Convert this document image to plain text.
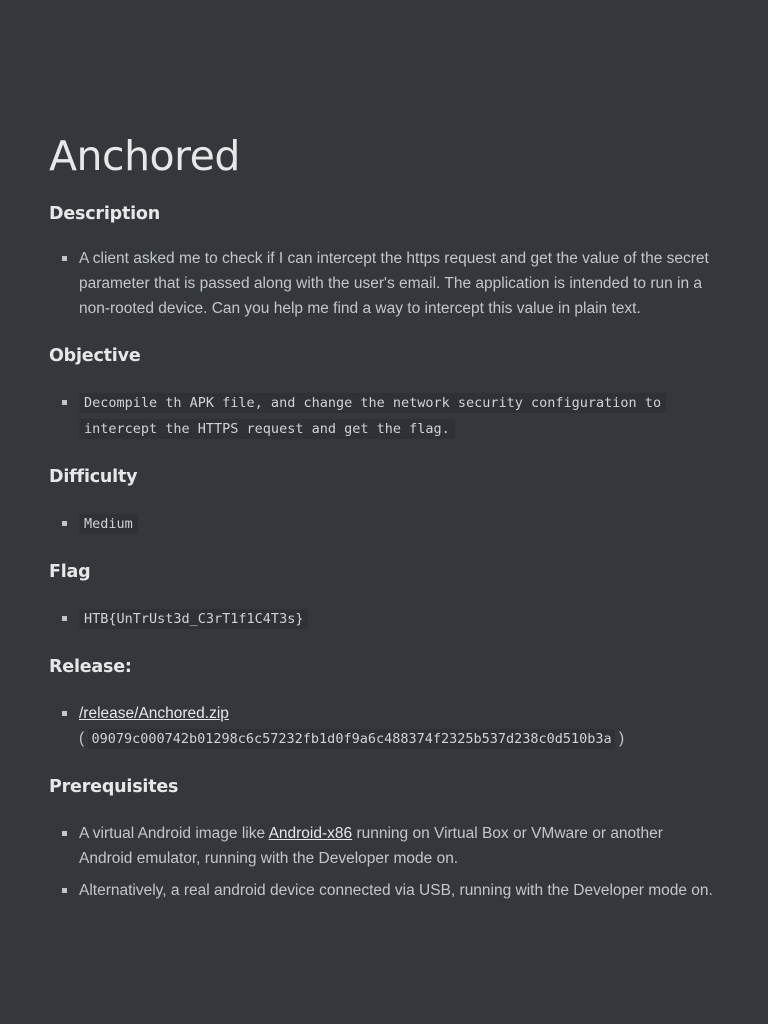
Anchored
Description
A client asked me to check if I can intercept the https request and get the value of the secret parameter that is passed along with the user's email. The application is intended to run in a non-rooted device. Can you help me find a way to intercept this value in plain text.
Objective
Decompile th APK file, and change the network security configuration to intercept the HTTPS request and get the flag.
Difficulty
Medium
Flag
HTB{UnTrUst3d_C3rT1f1C4T3s}
Release:
/release/Anchored.zip
( 09079c000742b01298c6c57232fb1d0f9a6c488374f2325b537d238c0d510b3a )
Prerequisites
A virtual Android image like Android-x86 running on Virtual Box or VMware or another Android emulator, running with the Developer mode on.
Alternatively, a real android device connected via USB, running with the Developer mode on.
